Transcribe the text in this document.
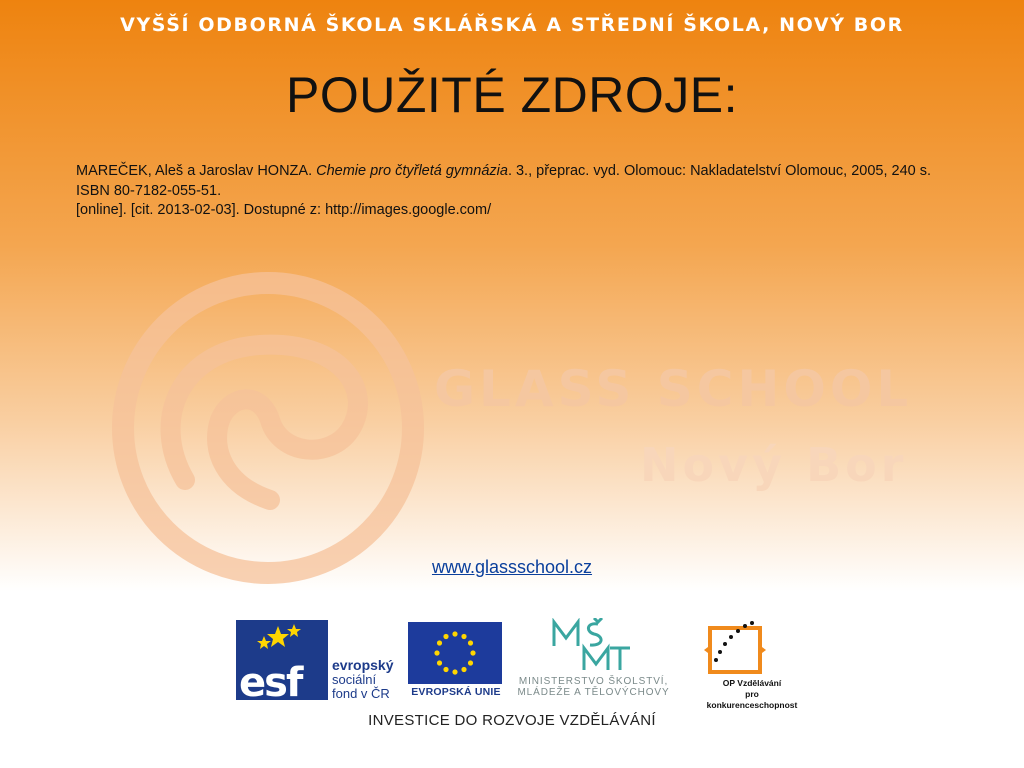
VYŠŠÍ ODBORNÁ ŠKOLA SKLÁŘSKÁ A STŘEDNÍ ŠKOLA, NOVÝ BOR
POUŽITÉ ZDROJE:

MAREČEK, Aleš a Jaroslav HONZA. Chemie pro čtyřletá gymnázia. 3., přeprac. vyd. Olomouc: Nakladatelství Olomouc, 2005, 240 s. ISBN 80-7182-055-51.

[online]. [cit. 2013-02-03]. Dostupné z: http://images.google.com/

GLASS SCHOOL
Nový Bor
www.glassschool.cz
esf evropský
sociální
fond v ČR	EVROPSKÁ UNIE
MINISTERSTVO ŠKOLSTVÍ,
MLÁDEŽE A TĚLOVÝCHOVY
OP Vzdělávání
pro konkurenceschopnost
INVESTICE DO ROZVOJE VZDĚLÁVÁNÍ
